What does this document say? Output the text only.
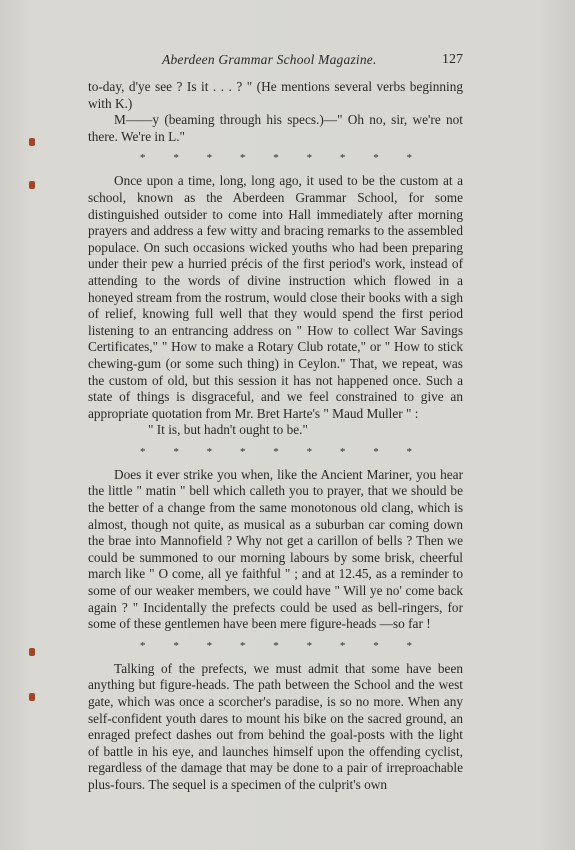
Aberdeen Grammar School Magazine.	127

to-day, d'ye see ? Is it . . . ? " (He mentions several verbs beginning with K.)

M——y (beaming through his specs.)—" Oh no, sir, we're not there. We're in L."

*	*	*	*	*	*	*	*	*

Once upon a time, long, long ago, it used to be the custom at a school, known as the Aberdeen Grammar School, for some distinguished outsider to come into Hall immediately after morning prayers and address a few witty and bracing remarks to the assembled populace. On such occasions wicked youths who had been preparing under their pew a hurried précis of the first period's work, instead of attending to the words of divine instruction which flowed in a honeyed stream from the rostrum, would close their books with a sigh of relief, knowing full well that they would spend the first period listening to an entrancing address on " How to collect War Savings Certificates," " How to make a Rotary Club rotate," or " How to stick chewing-gum (or some such thing) in Ceylon." That, we repeat, was the custom of old, but this session it has not happened once. Such a state of things is disgraceful, and we feel constrained to give an appropriate quotation from Mr. Bret Harte's " Maud Muller " :

" It is, but hadn't ought to be."

*	*	*	*	*	*	*	*	*

Does it ever strike you when, like the Ancient Mariner, you hear the little " matin " bell which calleth you to prayer, that we should be the better of a change from the same monotonous old clang, which is almost, though not quite, as musical as a suburban car coming down the brae into Mannofield ? Why not get a carillon of bells ? Then we could be summoned to our morning labours by some brisk, cheerful march like " O come, all ye faithful " ; and at 12.45, as a reminder to some of our weaker members, we could have " Will ye no' come back again ? " Incidentally the prefects could be used as bell-ringers, for some of these gentlemen have been mere figure-heads —so far !

*	*	*	*	*	*	*	*	*

Talking of the prefects, we must admit that some have been anything but figure-heads. The path between the School and the west gate, which was once a scorcher's paradise, is so no more. When any self-confident youth dares to mount his bike on the sacred ground, an enraged prefect dashes out from behind the goal-posts with the light of battle in his eye, and launches himself upon the offending cyclist, regardless of the damage that may be done to a pair of irreproachable plus-fours. The sequel is a specimen of the culprit's own
